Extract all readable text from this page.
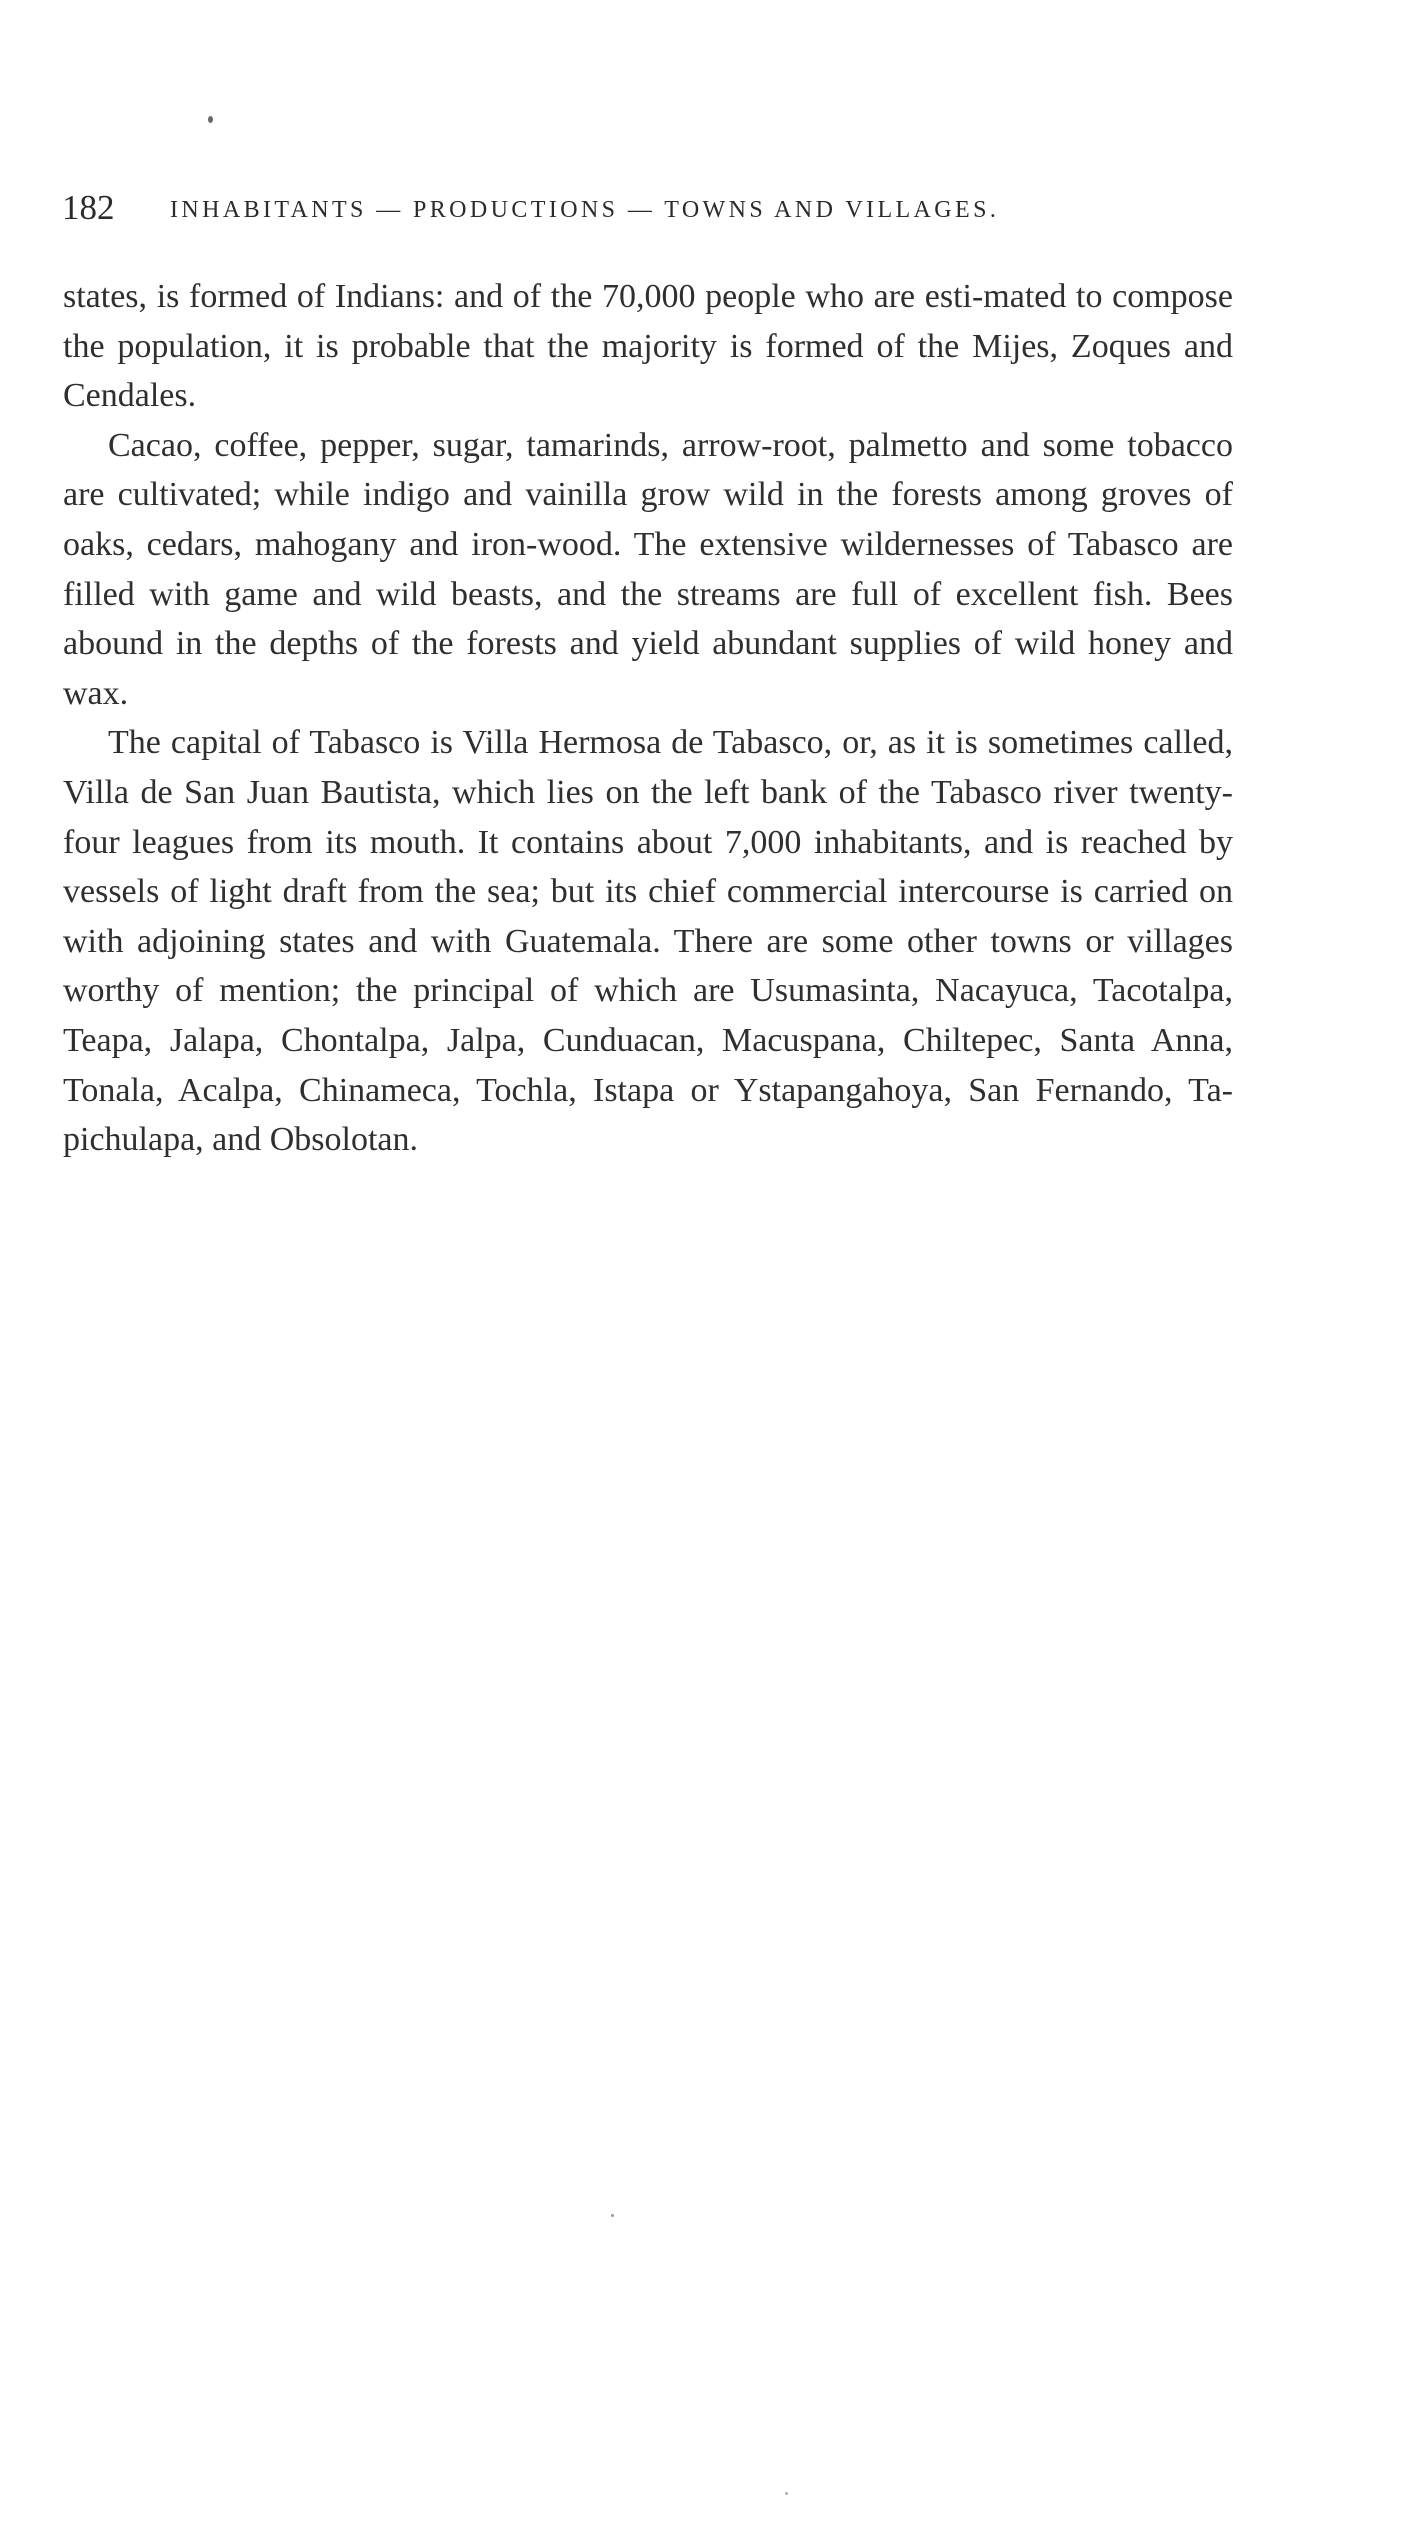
182 INHABITANTS — PRODUCTIONS — TOWNS AND VILLAGES.

states, is formed of Indians: and of the 70,000 people who are esti-mated to compose the population, it is probable that the majority is formed of the Mijes, Zoques and Cendales.

Cacao, coffee, pepper, sugar, tamarinds, arrow-root, palmetto and some tobacco are cultivated; while indigo and vainilla grow wild in the forests among groves of oaks, cedars, mahogany and iron-wood. The extensive wildernesses of Tabasco are filled with game and wild beasts, and the streams are full of excellent fish. Bees abound in the depths of the forests and yield abundant supplies of wild honey and wax.

The capital of Tabasco is Villa Hermosa de Tabasco, or, as it is sometimes called, Villa de San Juan Bautista, which lies on the left bank of the Tabasco river twenty-four leagues from its mouth. It contains about 7,000 inhabitants, and is reached by vessels of light draft from the sea; but its chief commercial intercourse is carried on with adjoining states and with Guatemala. There are some other towns or villages worthy of mention; the principal of which are Usumasinta, Nacayuca, Tacotalpa, Teapa, Jalapa, Chontalpa, Jalpa, Cunduacan, Macuspana, Chiltepec, Santa Anna, Tonala, Acalpa, Chinameca, Tochla, Istapa or Ystapangahoya, San Fernando, Ta-pichulapa, and Obsolotan.
